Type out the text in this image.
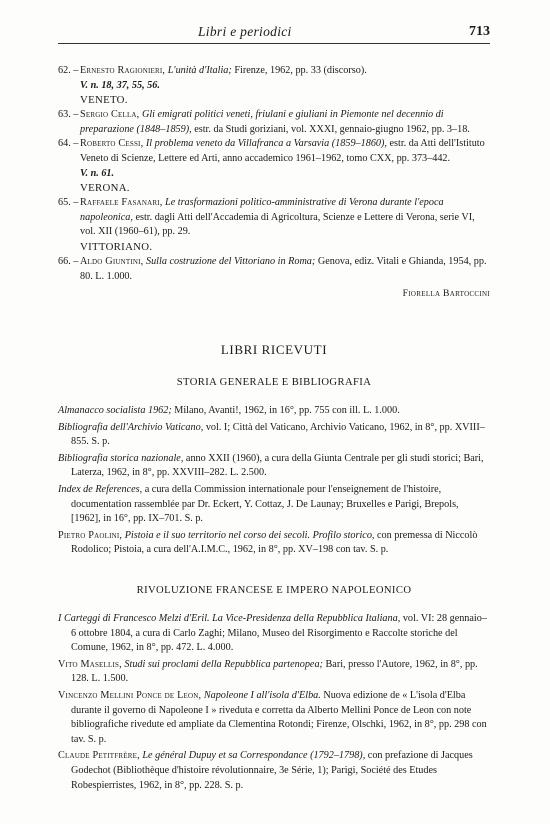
Libri e periodici	713
62. – Ernesto Ragionieri, L'unità d'Italia; Firenze, 1962, pp. 33 (discorso).
V. n. 18, 37, 55, 56.
VENETO.
63. – Sergio Cella, Gli emigrati politici veneti, friulani e giuliani in Piemonte nel decennio di preparazione (1848–1859), estr. da Studi goriziani, vol. XXXI, gennaio-giugno 1962, pp. 3–18.
64. – Roberto Cessi, Il problema veneto da Villafranca a Varsavia (1859–1860), estr. da Atti dell'Istituto Veneto di Scienze, Lettere ed Arti, anno accademico 1961–1962, tomo CXX, pp. 373–442.
V. n. 61.
VERONA.
65. – Raffaele Fasanari, Le trasformazioni politico-amministrative di Verona durante l'epoca napoleonica, estr. dagli Atti dell'Accademia di Agricoltura, Scienze e Lettere di Verona, serie VI, vol. XII (1960–61), pp. 29.
VITTORIANO.
66. – Aldo Giuntini, Sulla costruzione del Vittoriano in Roma; Genova, ediz. Vitali e Ghianda, 1954, pp. 80. L. 1.000.
Fiorella Bartoccini
LIBRI RICEVUTI
STORIA GENERALE E BIBLIOGRAFIA
Almanacco socialista 1962; Milano, Avanti!, 1962, in 16°, pp. 755 con ill. L. 1.000.
Bibliografia dell'Archivio Vaticano, vol. I; Città del Vaticano, Archivio Vaticano, 1962, in 8°, pp. XVIII–855. S. p.
Bibliografia storica nazionale, anno XXII (1960), a cura della Giunta Centrale per gli studi storici; Bari, Laterza, 1962, in 8°, pp. XXVIII–282. L. 2.500.
Index de References, a cura della Commission internationale pour l'enseignement de l'histoire, documentation rassemblée par Dr. Eckert, Y. Cottaz, J. De Launay; Bruxelles e Parigi, Brepols, [1962], in 16°, pp. IX–701. S. p.
Pietro Paolini, Pistoia e il suo territorio nel corso dei secoli. Profilo storico, con premessa di Niccolò Rodolico; Pistoia, a cura dell'A.I.M.C., 1962, in 8°, pp. XV–198 con tav. S. p.
RIVOLUZIONE FRANCESE E IMPERO NAPOLEONICO
I Carteggi di Francesco Melzi d'Eril. La Vice-Presidenza della Repubblica Italiana, vol. VI: 28 gennaio–6 ottobre 1804, a cura di Carlo Zaghi; Milano, Museo del Risorgimento e Raccolte storiche del Comune, 1962, in 8°, pp. 472. L. 4.000.
Vito Masellis, Studi sui proclami della Repubblica partenopea; Bari, presso l'Autore, 1962, in 8°, pp. 128. L. 1.500.
Vincenzo Mellini Ponce de Leon, Napoleone I all'isola d'Elba. Nuova edizione de « L'isola d'Elba durante il governo di Napoleone I » riveduta e corretta da Alberto Mellini Ponce de Leon con note bibliografiche rivedute ed ampliate da Clementina Rotondi; Firenze, Olschki, 1962, in 8°, pp. 298 con tav. S. p.
Claude Petitfrère, Le général Dupuy et sa Correspondance (1792–1798), con prefazione di Jacques Godechot (Bibliothèque d'histoire révolutionnaire, 3e Série, 1); Parigi, Société des Etudes Robespierristes, 1962, in 8°, pp. 228. S. p.
